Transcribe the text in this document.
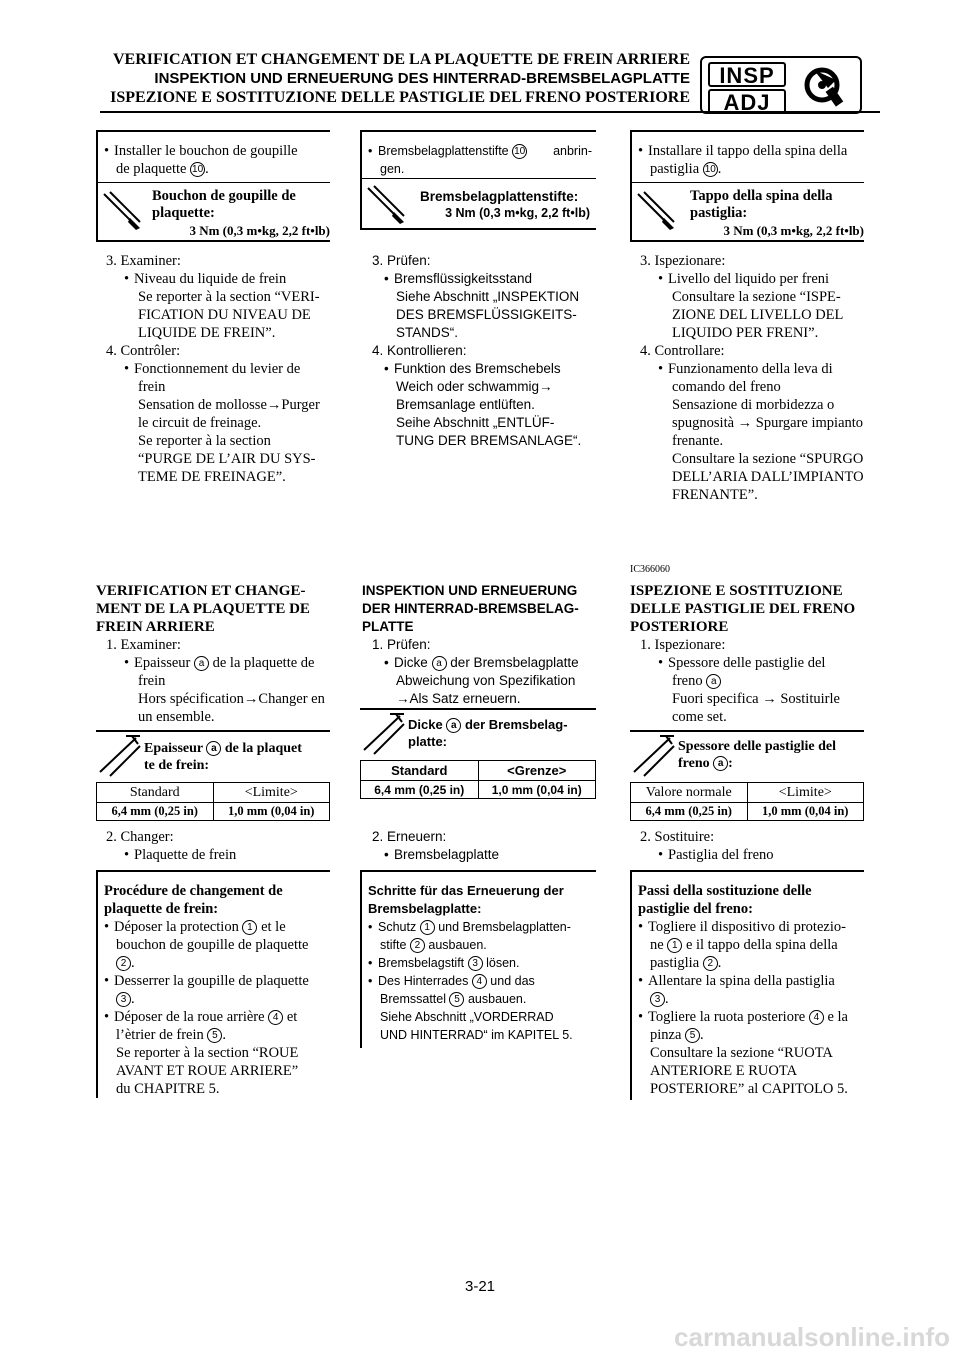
VERIFICATION ET CHANGEMENT DE LA PLAQUETTE DE FREIN ARRIERE
INSPEKTION UND ERNEUERUNG DES HINTERRAD-BREMSBELAGPLATTE
ISPEZIONE E SOSTITUZIONE DELLE PASTIGLIE DEL FRENO POSTERIORE
INSP
ADJ
• Installer le bouchon de goupille
de plaquette 10 .
Bouchon de goupille de
plaquette:
3 Nm (0,3 m•kg, 2,2 ft•lb)
3. Examiner:
• Niveau du liquide de frein
Se reporter à la section “VERI-
FICATION DU NIVEAU DE
LIQUIDE DE FREIN”.
4. Contrôler:
• Fonctionnement du levier de
frein
Sensation de mollosse→Purger
le circuit de freinage.
Se reporter à la section
“PURGE DE L’AIR DU SYS-
TEME DE FREINAGE”.
VERIFICATION ET CHANGE-
MENT DE LA PLAQUETTE DE
FREIN ARRIERE
1. Examiner:
• Epaisseur a de la plaquette de
frein
Hors spécification→Changer en
un ensemble.
Epaisseur a de la plaquet
te de frein:
Standard	<Limite>
6,4 mm (0,25 in)	1,0 mm (0,04 in)
2. Changer:
• Plaquette de frein
Procédure de changement de
plaquette de frein:
• Déposer la protection 1 et le
bouchon de goupille de plaquette
2 .
• Desserrer la goupille de plaquette
3 .
• Déposer de la roue arrière 4 et
l’ètrier de frein 5 .
Se reporter à la section “ROUE
AVANT ET ROUE ARRIERE”
du CHAPITRE 5.
• Bremsbelagplattenstifte 10 anbrin-
gen.
Bremsbelagplattenstifte:
3 Nm (0,3 m•kg, 2,2 ft•lb)
3. Prüfen:
• Bremsflüssigkeitsstand
Siehe Abschnitt „INSPEKTION
DES BREMSFLÜSSIGKEITS-
STANDS“.
4. Kontrollieren:
• Funktion des Bremschebels
Weich oder schwammig→
Bremsanlage entlüften.
Seihe Abschnitt „ENTLÜF-
TUNG DER BREMSANLAGE“.
INSPEKTION UND ERNEUERUNG
DER HINTERRAD-BREMSBELAG-
PLATTE
1. Prüfen:
• Dicke a der Bremsbelagplatte
Abweichung von Spezifikation
→Als Satz erneuern.
Dicke a der Bremsbelag-
platte:
Standard	<Grenze>
6,4 mm (0,25 in)	1,0 mm (0,04 in)
2. Erneuern:
• Bremsbelagplatte
Schritte für das Erneuerung der
Bremsbelagplatte:
• Schutz 1 und Bremsbelagplatten-
stifte 2 ausbauen.
• Bremsbelagstift 3 lösen.
• Des Hinterrades 4 und das
Bremssattel 5 ausbauen.
Siehe Abschnitt „VORDERRAD
UND HINTERRAD“ im KAPITEL 5.
• Installare il tappo della spina della
pastiglia 10 .
Tappo della spina della
pastiglia:
3 Nm (0,3 m•kg, 2,2 ft•lb)
3. Ispezionare:
• Livello del liquido per freni
Consultare la sezione “ISPE-
ZIONE DEL LIVELLO DEL
LIQUIDO PER FRENI”.
4. Controllare:
• Funzionamento della leva di
comando del freno
Sensazione di morbidezza o
spugnosità → Spurgare impianto
frenante.
Consultare la sezione “SPURGO
DELL’ARIA DALL’IMPIANTO
FRENANTE”.
IC366060
ISPEZIONE E SOSTITUZIONE
DELLE PASTIGLIE DEL FRENO
POSTERIORE
1. Ispezionare:
• Spessore delle pastiglie del
freno a
Fuori specifica → Sostituirle
come set.
Spessore delle pastiglie del
freno a :
Valore normale	<Limite>
6,4 mm (0,25 in)	1,0 mm (0,04 in)
2. Sostituire:
• Pastiglia del freno
Passi della sostituzione delle
pastiglie del freno:
• Togliere il dispositivo di protezio-
ne 1 e il tappo della spina della
pastiglia 2 .
• Allentare la spina della pastiglia
3 .
• Togliere la ruota posteriore 4 e la
pinza 5 .
Consultare la sezione “RUOTA
ANTERIORE E RUOTA
POSTERIORE” al CAPITOLO 5.
3-21
carmanualsonline.info
